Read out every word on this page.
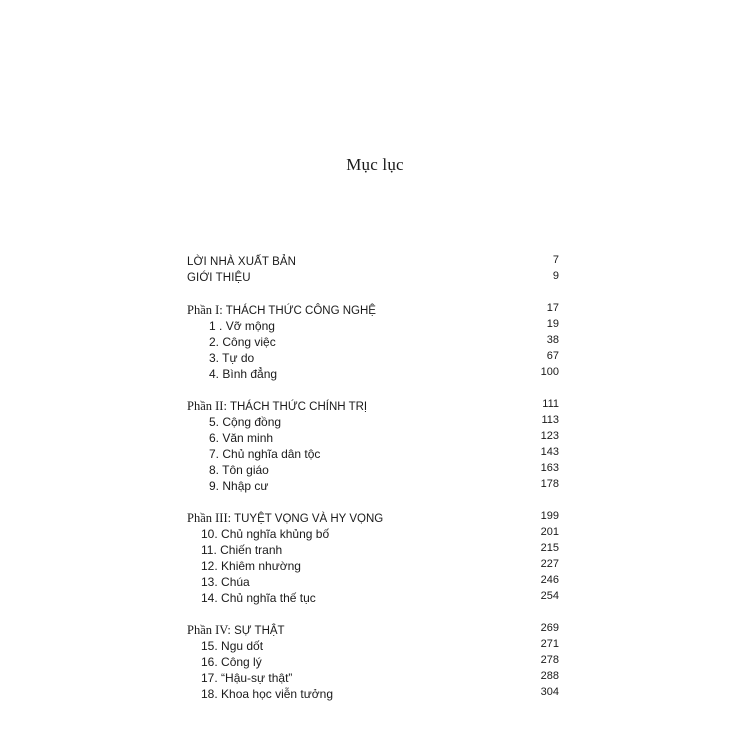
Mục lục
LỜI NHÀ XUẤT BẢN	7
GIỚI THIỆU	9
Phần I: THÁCH THỨC CÔNG NGHỆ	17
1 . Vỡ mộng	19
2. Công việc	38
3. Tự do	67
4. Bình đẳng	100
Phần II: THÁCH THỨC CHÍNH TRỊ	111
5. Cộng đồng	113
6. Văn minh	123
7. Chủ nghĩa dân tộc	143
8. Tôn giáo	163
9. Nhập cư	178
Phần III: TUYỆT VỌNG VÀ HY VỌNG	199
10. Chủ nghĩa khủng bố	201
11. Chiến tranh	215
12. Khiêm nhường	227
13. Chúa	246
14. Chủ nghĩa thế tục	254
Phần IV: SỰ THẬT	269
15. Ngu dốt	271
16. Công lý	278
17. “Hậu-sự thật”	288
18. Khoa học viễn tưởng	304
